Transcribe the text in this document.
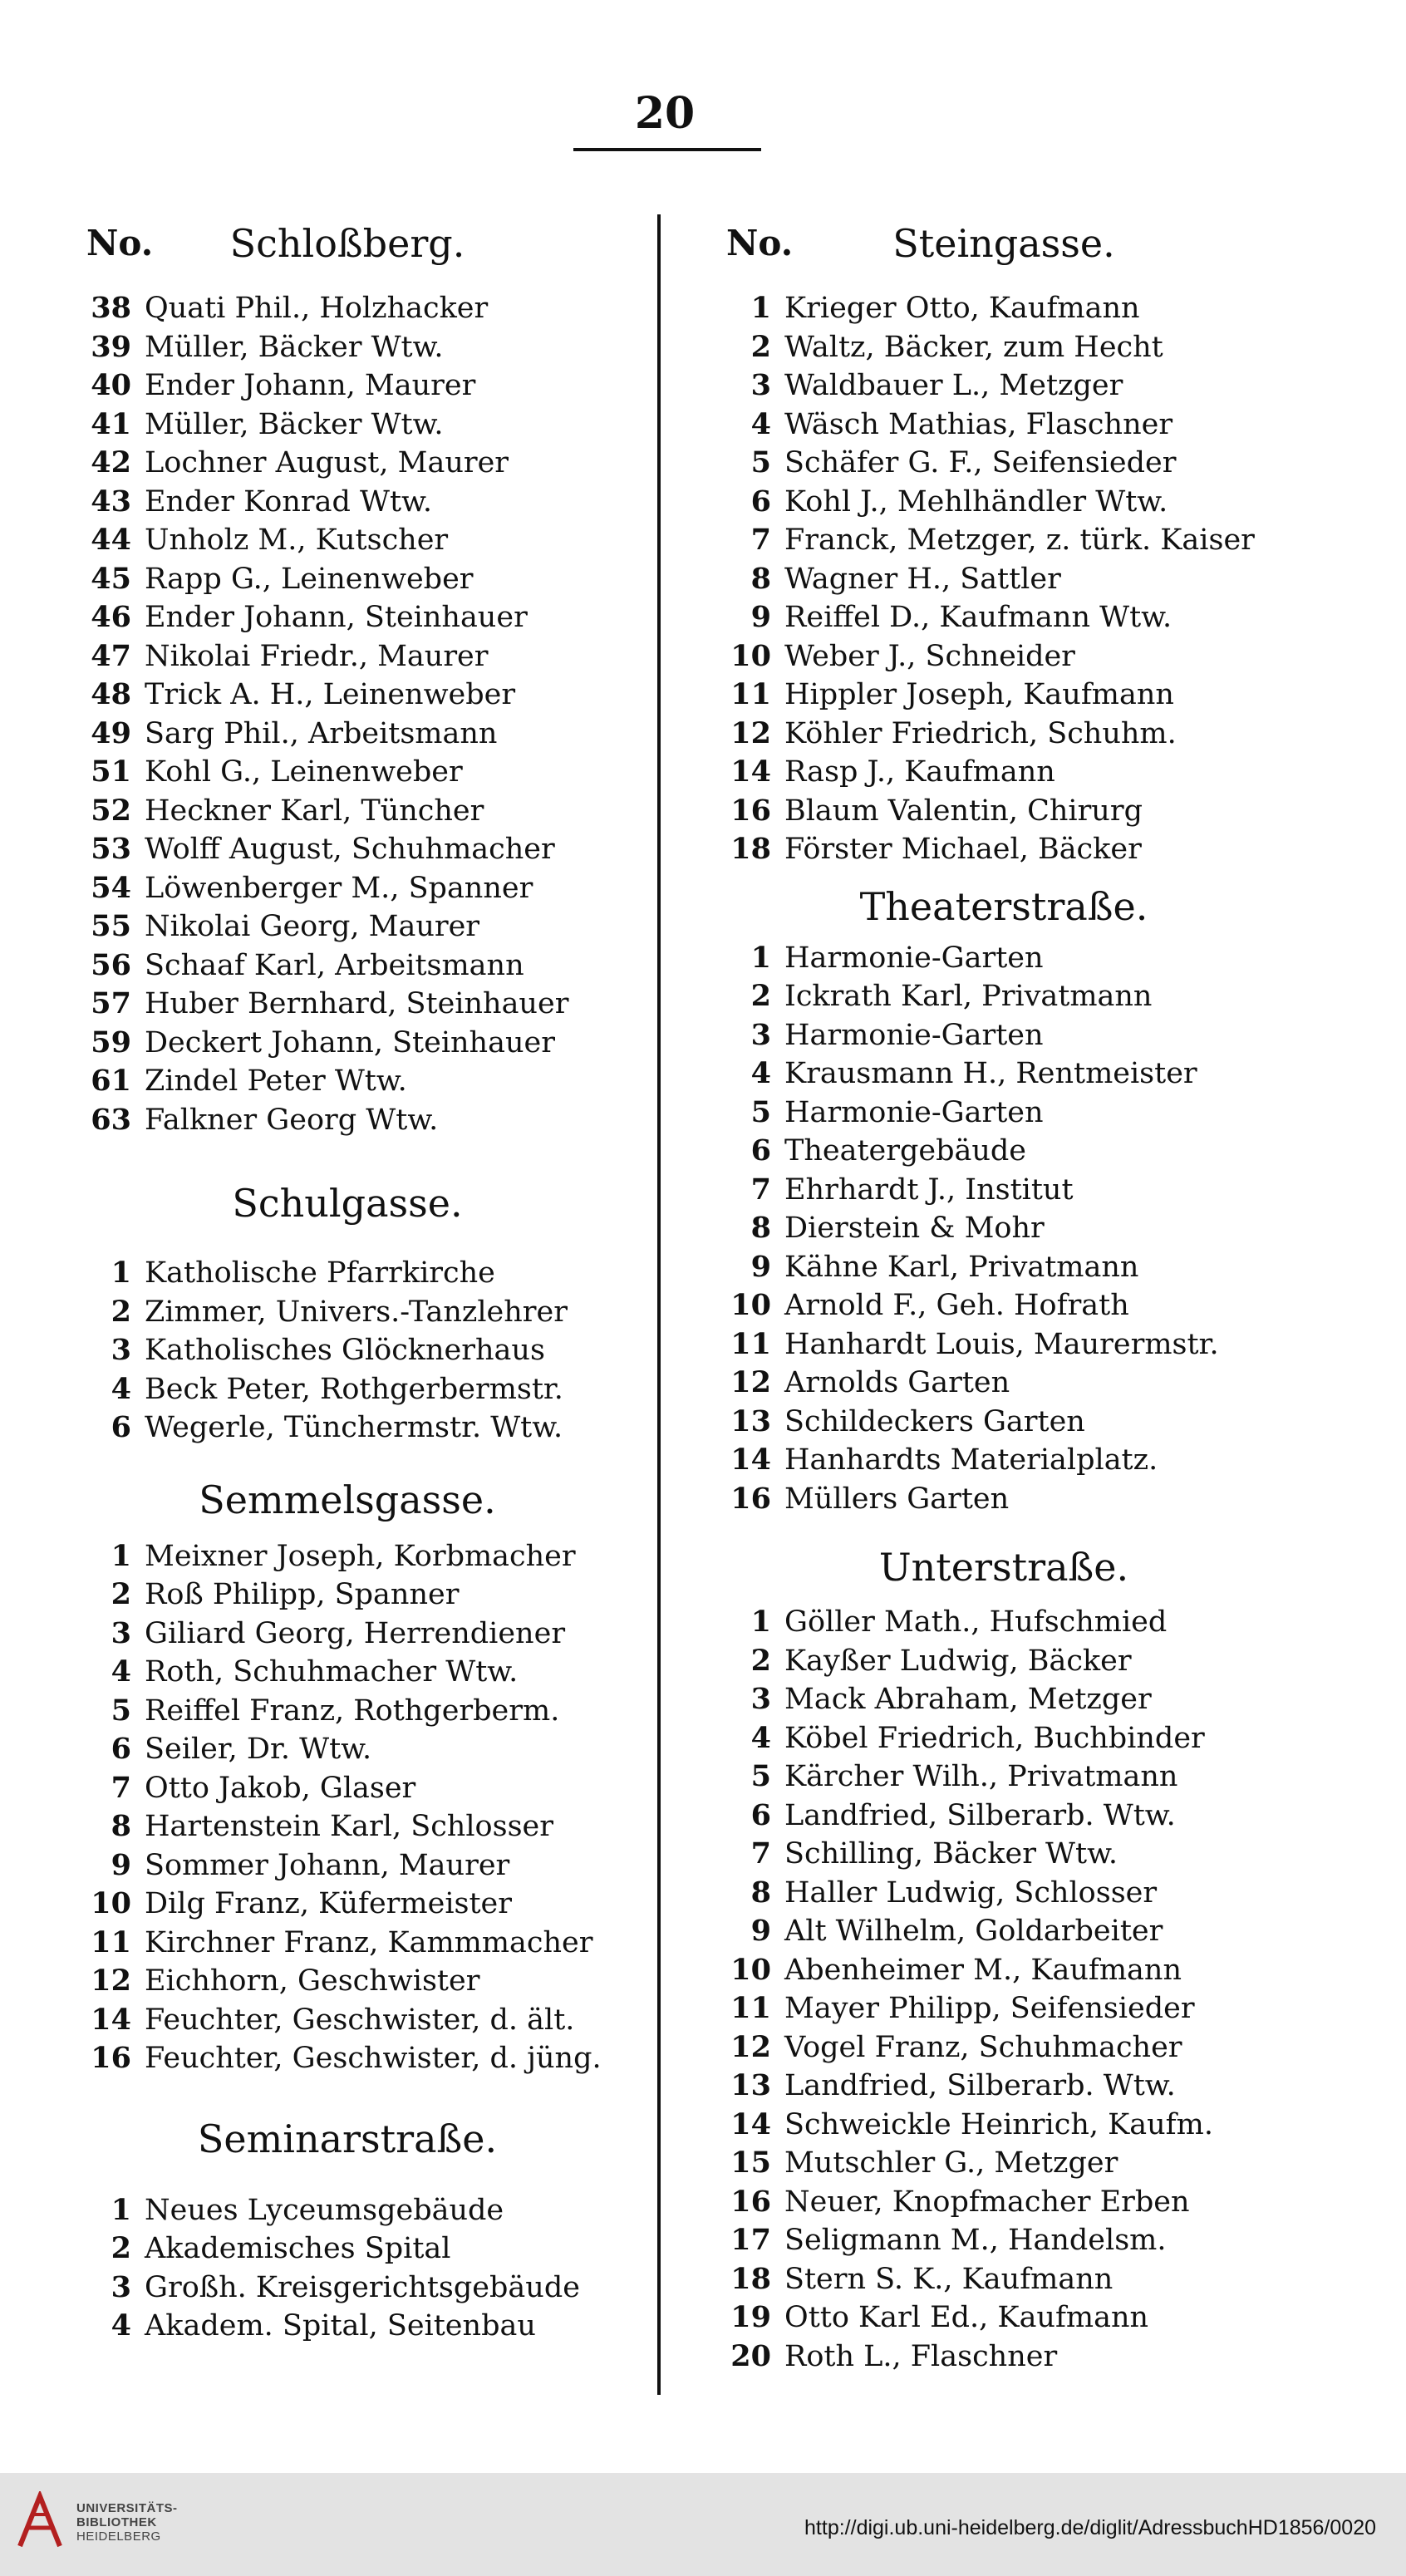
20
No.	Schloßberg.
38 Quati Phil., Holzhacker
39 Müller, Bäcker Wtw.
40 Ender Johann, Maurer
41 Müller, Bäcker Wtw.
42 Lochner August, Maurer
43 Ender Konrad Wtw.
44 Unholz M., Kutscher
45 Rapp G., Leinenweber
46 Ender Johann, Steinhauer
47 Nikolai Friedr., Maurer
48 Trick A. H., Leinenweber
49 Sarg Phil., Arbeitsmann
51 Kohl G., Leinenweber
52 Heckner Karl, Tüncher
53 Wolff August, Schuhmacher
54 Löwenberger M., Spanner
55 Nikolai Georg, Maurer
56 Schaaf Karl, Arbeitsmann
57 Huber Bernhard, Steinhauer
59 Deckert Johann, Steinhauer
61 Zindel Peter Wtw.
63 Falkner Georg Wtw.
Schulgasse.
1 Katholische Pfarrkirche
2 Zimmer, Univers.-Tanzlehrer
3 Katholisches Glöcknerhaus
4 Beck Peter, Rothgerbermstr.
6 Wegerle, Tünchermstr. Wtw.
Semmelsgasse.
1 Meixner Joseph, Korbmacher
2 Roß Philipp, Spanner
3 Giliard Georg, Herrendiener
4 Roth, Schuhmacher Wtw.
5 Reiffel Franz, Rothgerberm.
6 Seiler, Dr. Wtw.
7 Otto Jakob, Glaser
8 Hartenstein Karl, Schlosser
9 Sommer Johann, Maurer
10 Dilg Franz, Küfermeister
11 Kirchner Franz, Kammmacher
12 Eichhorn, Geschwister
14 Feuchter, Geschwister, d. ält.
16 Feuchter, Geschwister, d. jüng.
Seminarstraße.
1 Neues Lyceumsgebäude
2 Akademisches Spital
3 Großh. Kreisgerichtsgebäude
4 Akadem. Spital, Seitenbau
No.	Steingasse.
1 Krieger Otto, Kaufmann
2 Waltz, Bäcker, zum Hecht
3 Waldbauer L., Metzger
4 Wäsch Mathias, Flaschner
5 Schäfer G. F., Seifensieder
6 Kohl J., Mehlhändler Wtw.
7 Franck, Metzger, z. türk. Kaiser
8 Wagner H., Sattler
9 Reiffel D., Kaufmann Wtw.
10 Weber J., Schneider
11 Hippler Joseph, Kaufmann
12 Köhler Friedrich, Schuhm.
14 Rasp J., Kaufmann
16 Blaum Valentin, Chirurg
18 Förster Michael, Bäcker
Theaterstraße.
1 Harmonie-Garten
2 Ickrath Karl, Privatmann
3 Harmonie-Garten
4 Krausmann H., Rentmeister
5 Harmonie-Garten
6 Theatergebäude
7 Ehrhardt J., Institut
8 Dierstein & Mohr
9 Kähne Karl, Privatmann
10 Arnold F., Geh. Hofrath
11 Hanhardt Louis, Maurermstr.
12 Arnolds Garten
13 Schildeckers Garten
14 Hanhardts Materialplatz.
16 Müllers Garten
Unterstraße.
1 Göller Math., Hufschmied
2 Kayßer Ludwig, Bäcker
3 Mack Abraham, Metzger
4 Köbel Friedrich, Buchbinder
5 Kärcher Wilh., Privatmann
6 Landfried, Silberarb. Wtw.
7 Schilling, Bäcker Wtw.
8 Haller Ludwig, Schlosser
9 Alt Wilhelm, Goldarbeiter
10 Abenheimer M., Kaufmann
11 Mayer Philipp, Seifensieder
12 Vogel Franz, Schuhmacher
13 Landfried, Silberarb. Wtw.
14 Schweickle Heinrich, Kaufm.
15 Mutschler G., Metzger
16 Neuer, Knopfmacher Erben
17 Seligmann M., Handelsm.
18 Stern S. K., Kaufmann
19 Otto Karl Ed., Kaufmann
20 Roth L., Flaschner
UNIVERSITÄTS-
BIBLIOTHEK
HEIDELBERG	http://digi.ub.uni-heidelberg.de/diglit/AdressbuchHD1856/0020
